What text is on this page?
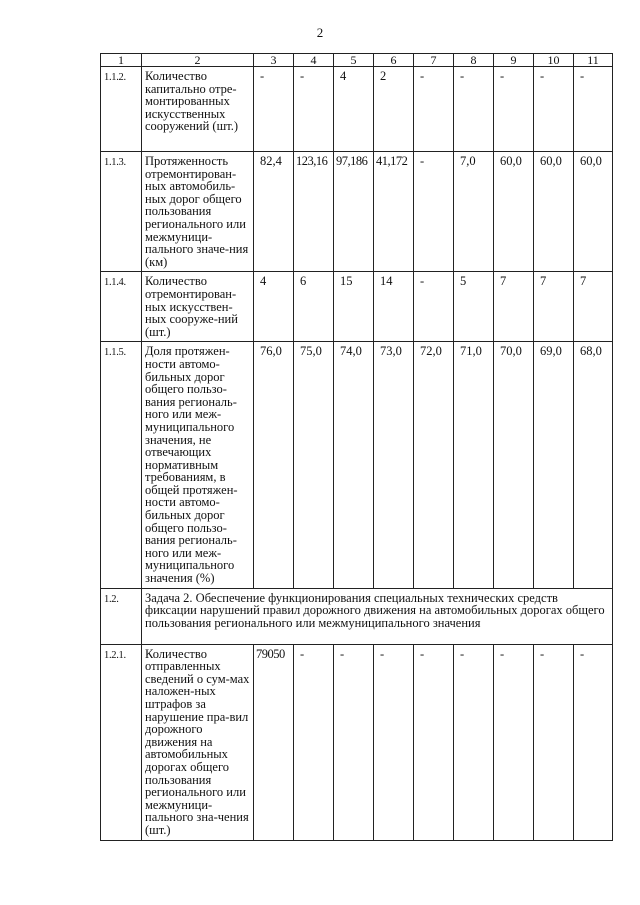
2
1	2	3	4	5	6	7	8	9	10	11
1.1.2.	Количество капитально отре-монтированных искусственных сооружений (шт.)	-	-	4	2	-	-	-	-	-
1.1.3.	Протяженность отремонтирован-ных автомобиль-ных дорог общего пользования регионального или межмуници-пального значе-ния (км)	82,4	123,16	97,186	41,172	-	7,0	60,0	60,0	60,0
1.1.4.	Количество отремонтирован-ных искусствен-ных сооруже-ний (шт.)	4	6	15	14	-	5	7	7	7
1.1.5.	Доля протяжен-ности автомо-бильных дорог общего пользо-вания региональ-ного или меж-муниципального значения, не отвечающих нормативным требованиям, в общей протяжен-ности автомо-бильных дорог общего пользо-вания региональ-ного или меж-муниципального значения (%)	76,0	75,0	74,0	73,0	72,0	71,0	70,0	69,0	68,0
1.2.	Задача 2. Обеспечение функционирования специальных технических средств фиксации нарушений правил дорожного движения на автомобильных дорогах общего пользования регионального или межмуниципального значения									
1.2.1.	Количество отправленных сведений о сум-мах наложен-ных штрафов за нарушение пра-вил дорожного движения на автомобильных дорогах общего пользования регионального или межмуници-пального зна-чения (шт.)	79050	-	-	-	-	-	-	-	-
